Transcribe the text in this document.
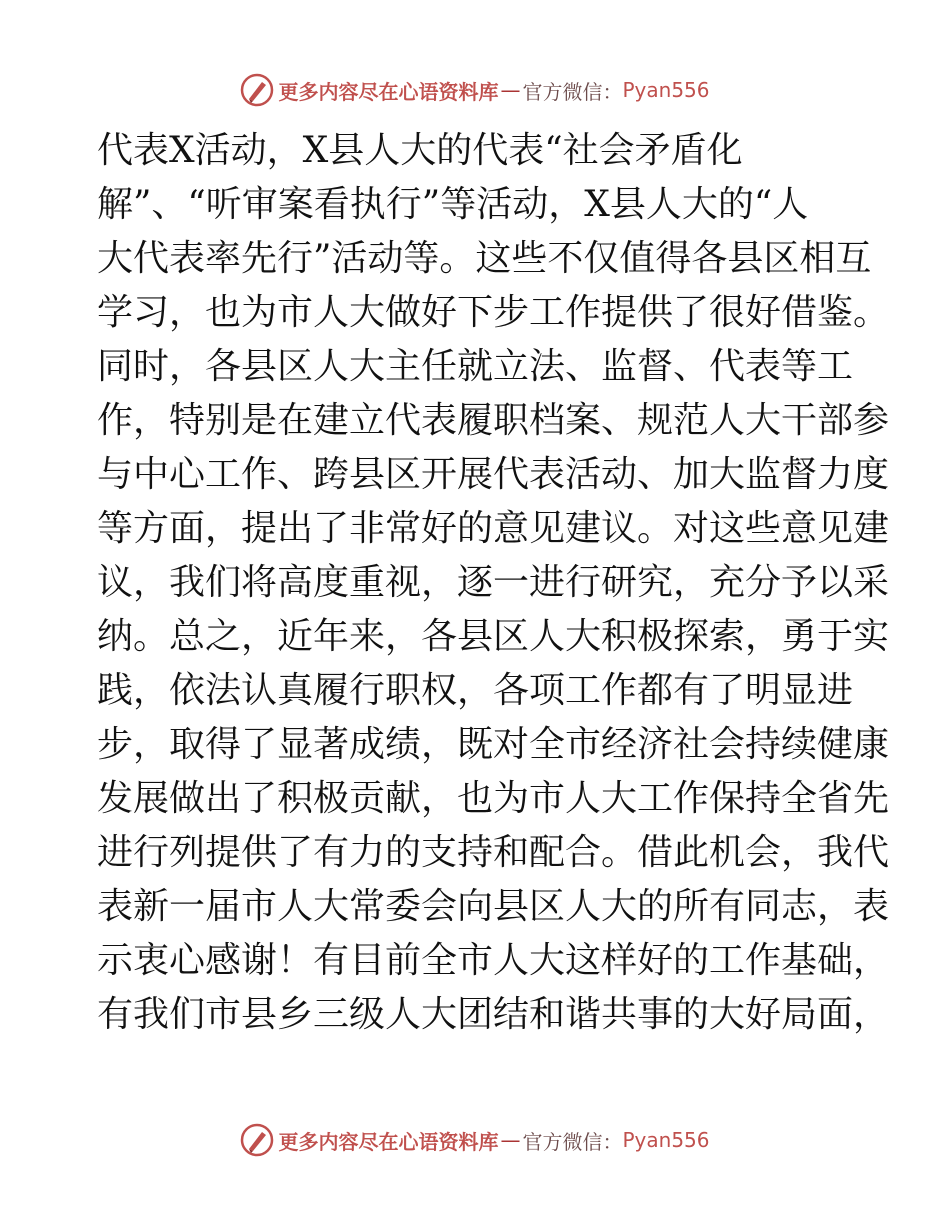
更多内容尽在心语资料库 — 官方微信： Pyan556
代表X活动，X县人大的代表“社会矛盾化
解”、“听审案看执行”等活动，X县人大的“人
大代表率先行”活动等。这些不仅值得各县区相互
学习，也为市人大做好下步工作提供了很好借鉴。
同时，各县区人大主任就立法、监督、代表等工
作，特别是在建立代表履职档案、规范人大干部参
与中心工作、跨县区开展代表活动、加大监督力度
等方面，提出了非常好的意见建议。对这些意见建
议，我们将高度重视，逐一进行研究，充分予以采
纳。总之，近年来，各县区人大积极探索，勇于实
践，依法认真履行职权，各项工作都有了明显进
步，取得了显著成绩，既对全市经济社会持续健康
发展做出了积极贡献，也为市人大工作保持全省先
进行列提供了有力的支持和配合。借此机会，我代
表新一届市人大常委会向县区人大的所有同志，表
示衷心感谢！有目前全市人大这样好的工作基础，
有我们市县乡三级人大团结和谐共事的大好局面，
更多内容尽在心语资料库 — 官方微信： Pyan556
